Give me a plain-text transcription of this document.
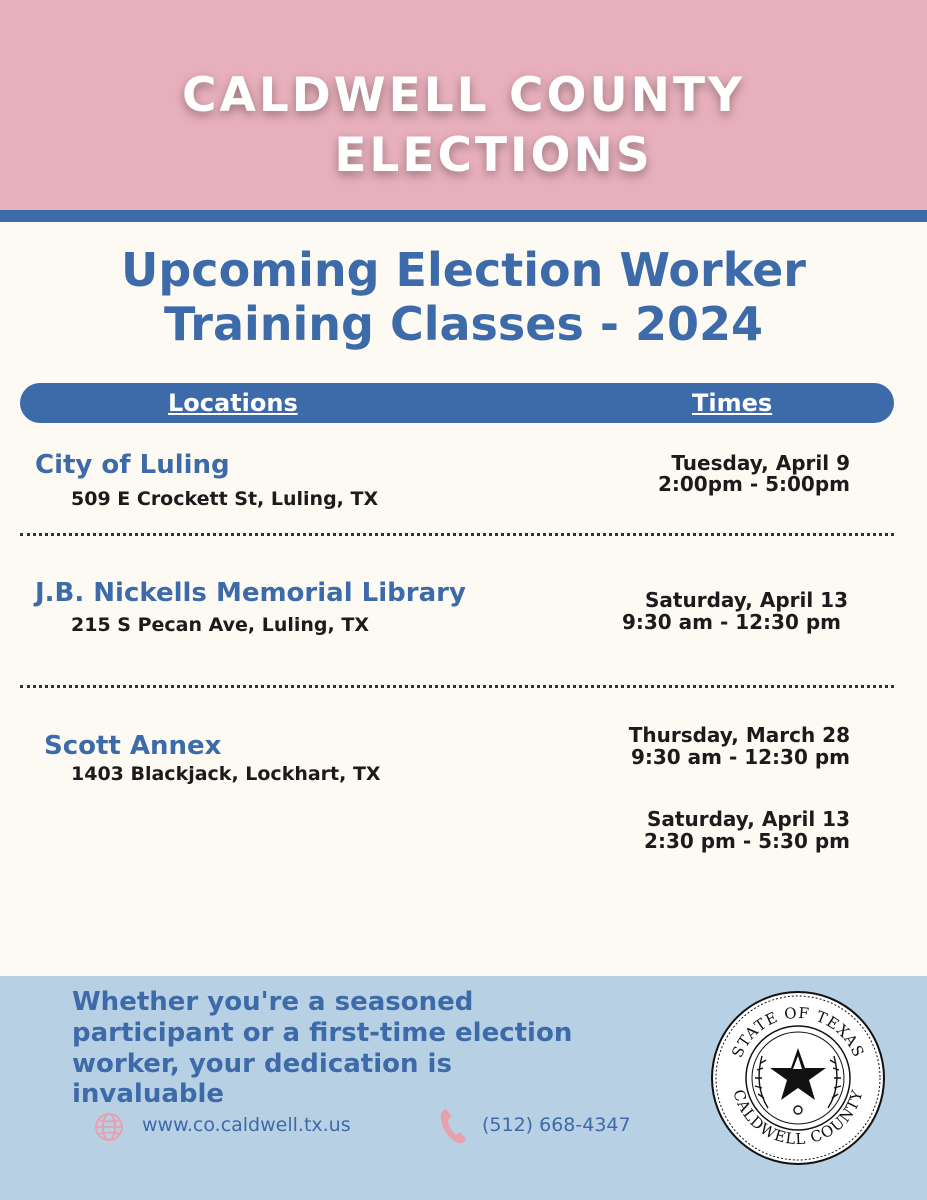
CALDWELL COUNTY
ELECTIONS
Upcoming Election Worker
Training Classes - 2024
Locations	Times
City of Luling
509 E Crockett St, Luling, TX
Tuesday, April 9
2:00pm - 5:00pm
J.B. Nickells Memorial Library
215 S Pecan Ave, Luling, TX
Saturday, April 13
9:30 am - 12:30 pm
Scott Annex
1403 Blackjack, Lockhart, TX
Thursday, March 28
9:30 am - 12:30 pm
Saturday, April 13
2:30 pm - 5:30 pm
Whether you're a seasoned
participant or a first-time election
worker, your dedication is
invaluable
www.co.caldwell.tx.us	(512) 668-4347
STATE OF TEXAS
CALDWELL COUNTY
